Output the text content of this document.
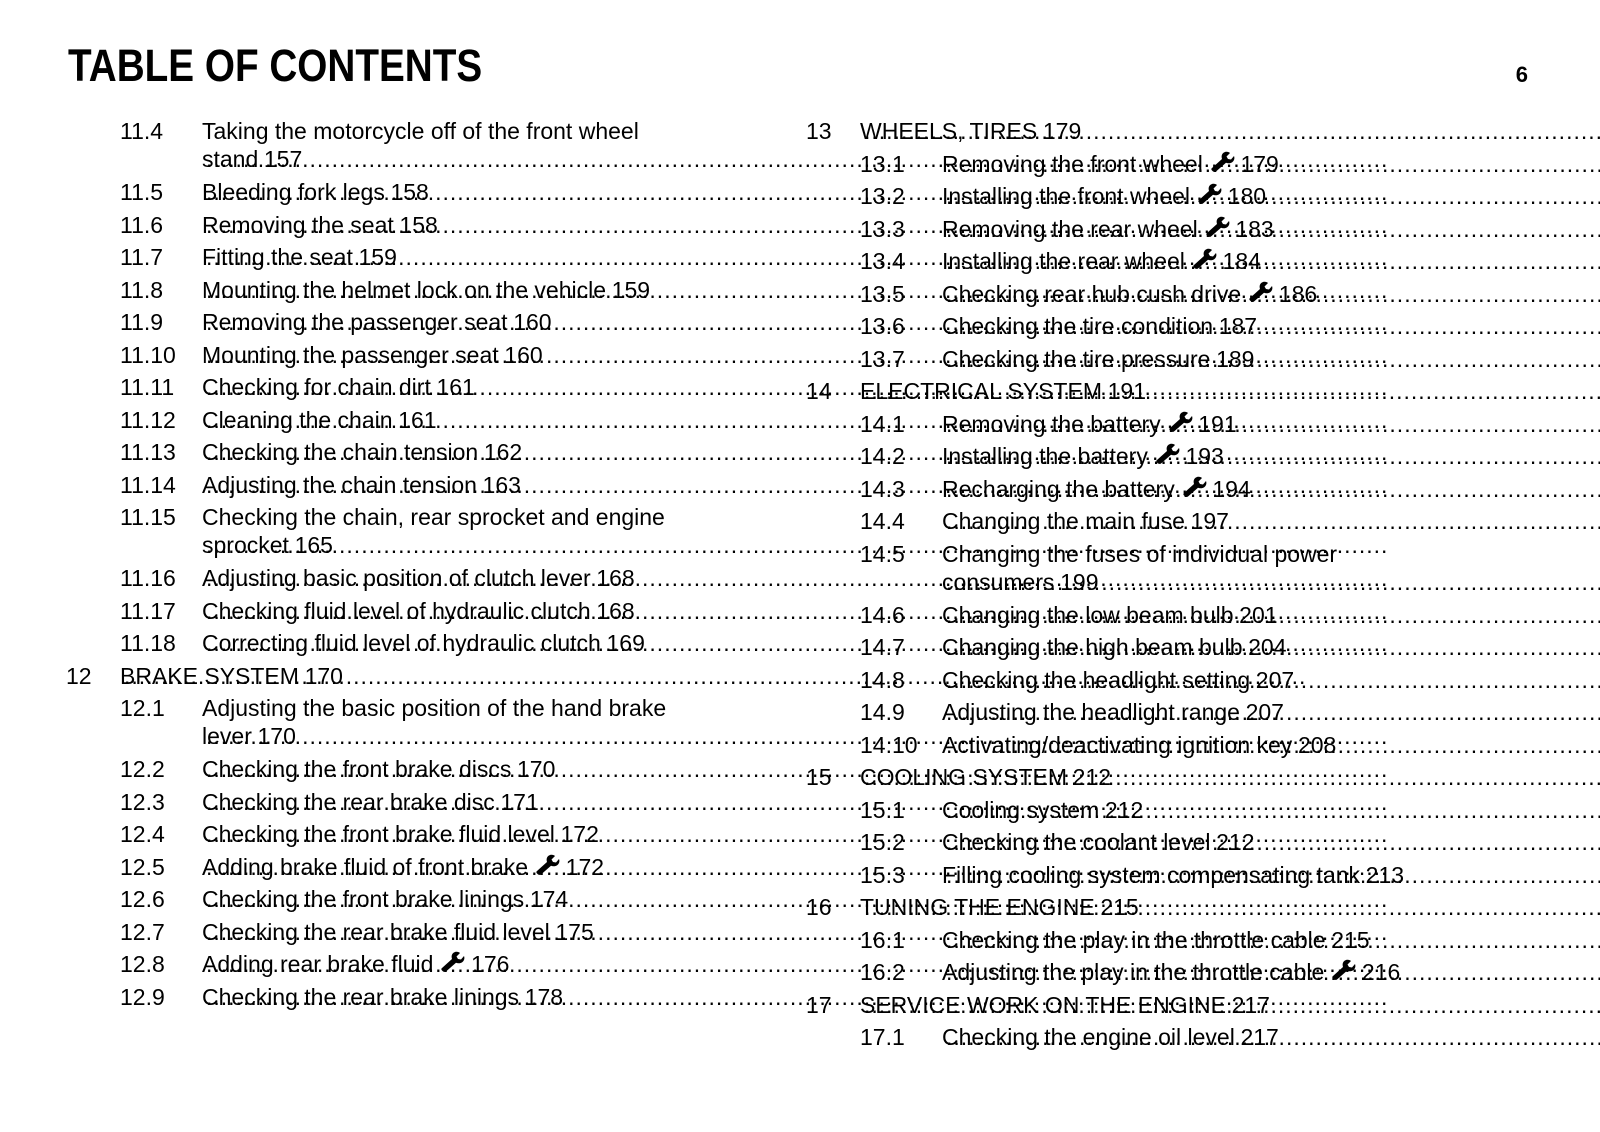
TABLE OF CONTENTS	6
11.4 Taking the motorcycle off of the front wheel
stand ..... 157
11.5 Bleeding fork legs ..... 158
11.6 Removing the seat ..... 158
11.7 Fitting the seat ..... 159
11.8 Mounting the helmet lock on the vehicle ..... 159
11.9 Removing the passenger seat ..... 160
11.10 Mounting the passenger seat ..... 160
11.11 Checking for chain dirt ..... 161
11.12 Cleaning the chain ..... 161
11.13 Checking the chain tension ..... 162
11.14 Adjusting the chain tension ..... 163
11.15 Checking the chain, rear sprocket and engine
sprocket ..... 165
11.16 Adjusting basic position of clutch lever ..... 168
11.17 Checking fluid level of hydraulic clutch ..... 168
11.18 Correcting fluid level of hydraulic clutch ..... 169
12 BRAKE SYSTEM ..... 170
12.1 Adjusting the basic position of the hand brake
lever ..... 170
12.2 Checking the front brake discs ..... 170
12.3 Checking the rear brake disc ..... 171
12.4 Checking the front brake fluid level ..... 172
12.5 Adding brake fluid of front brake ..... 172
12.6 Checking the front brake linings ..... 174
12.7 Checking the rear brake fluid level ..... 175
12.8 Adding rear brake fluid ..... 176
12.9 Checking the rear brake linings ..... 178
13 WHEELS, TIRES ..... 179
13.1 Removing the front wheel ..... 179
13.2 Installing the front wheel ..... 180
13.3 Removing the rear wheel ..... 183
13.4 Installing the rear wheel ..... 184
13.5 Checking rear hub cush drive ..... 186
13.6 Checking the tire condition ..... 187
13.7 Checking the tire pressure ..... 189
14 ELECTRICAL SYSTEM ..... 191
14.1 Removing the battery ..... 191
14.2 Installing the battery ..... 193
14.3 Recharging the battery ..... 194
14.4 Changing the main fuse ..... 197
14.5 Changing the fuses of individual power
consumers ..... 199
14.6 Changing the low beam bulb ..... 201
14.7 Changing the high beam bulb ..... 204
14.8 Checking the headlight setting ..... 207
14.9 Adjusting the headlight range ..... 207
14.10 Activating/deactivating ignition key ..... 208
15 COOLING SYSTEM ..... 212
15.1 Cooling system ..... 212
15.2 Checking the coolant level ..... 212
15.3 Filling cooling system compensating tank ..... 213
16 TUNING THE ENGINE ..... 215
16.1 Checking the play in the throttle cable ..... 215
16.2 Adjusting the play in the throttle cable ..... 216
17 SERVICE WORK ON THE ENGINE ..... 217
17.1 Checking the engine oil level ..... 217
